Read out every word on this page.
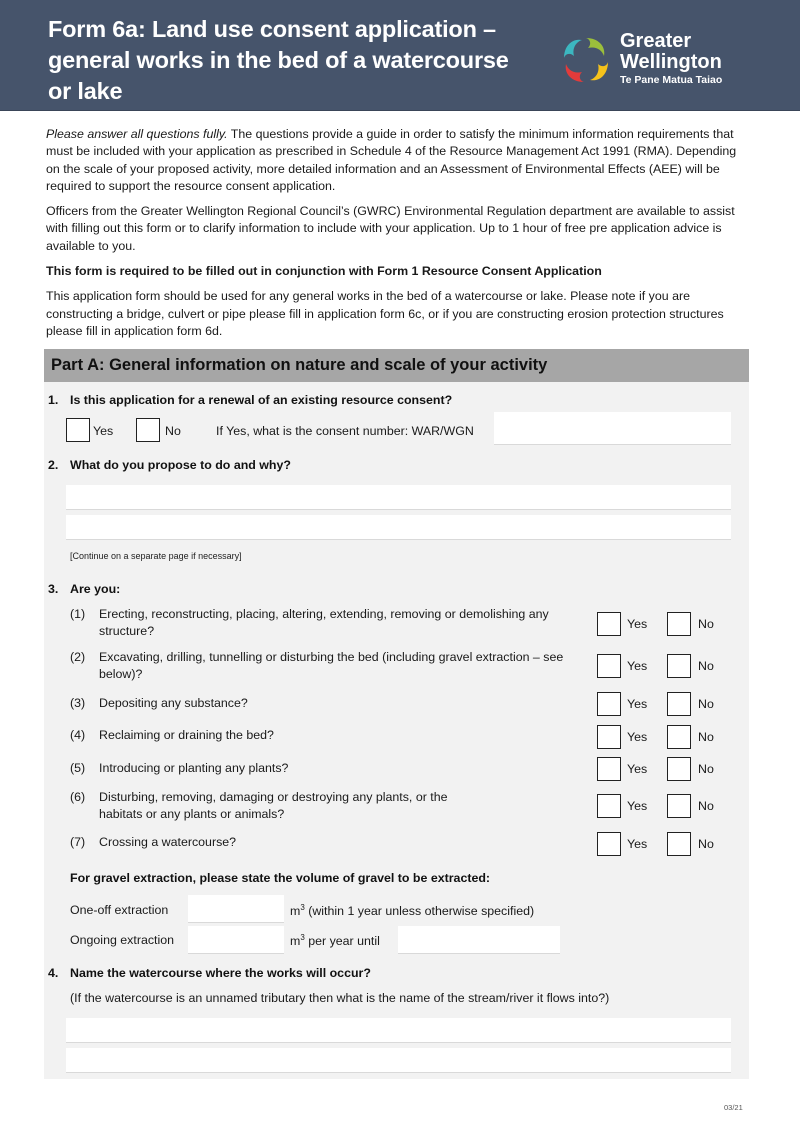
Form 6a: Land use consent application – general works in the bed of a watercourse or lake
Greater
Wellington
Te Pane Matua Taiao

Please answer all questions fully. The questions provide a guide in order to satisfy the minimum information requirements that must be included with your application as prescribed in Schedule 4 of the Resource Management Act 1991 (RMA). Depending on the scale of your proposed activity, more detailed information and an Assessment of Environmental Effects (AEE) will be required to support the resource consent application.

Officers from the Greater Wellington Regional Council’s (GWRC) Environmental Regulation department are available to assist with filling out this form or to clarify information to include with your application. Up to 1 hour of free pre application advice is available to you.

This form is required to be filled out in conjunction with Form 1 Resource Consent Application

This application form should be used for any general works in the bed of a watercourse or lake. Please note if you are constructing a bridge, culvert or pipe please fill in application form 6c, or if you are constructing erosion protection structures please fill in application form 6d.

Part A: General information on nature and scale of your activity
1. Is this application for a renewal of an existing resource consent?
Yes	No	If Yes, what is the consent number: WAR/WGN
2. What do you propose to do and why?
[Continue on a separate page if necessary]
3. Are you:
(1) Erecting, reconstructing, placing, altering, extending, removing or demolishing any structure?	Yes	No
(2) Excavating, drilling, tunnelling or disturbing the bed (including gravel extraction – see below)?
Yes	No
(3) Depositing any substance?	Yes	No
(4) Reclaiming or draining the bed?	Yes	No
(5) Introducing or planting any plants?	Yes	No
(6) Disturbing, removing, damaging or destroying any plants, or the habitats or any plants or animals?
Yes	No
(7) Crossing a watercourse?	Yes	No
For gravel extraction, please state the volume of gravel to be extracted:
One-off extraction	$m^3$ (within 1 year unless otherwise specified)
Ongoing extraction	$m^3$ per year until
4. Name the watercourse where the works will occur?
(If the watercourse is an unnamed tributary then what is the name of the stream/river it flows into?)
03/21
